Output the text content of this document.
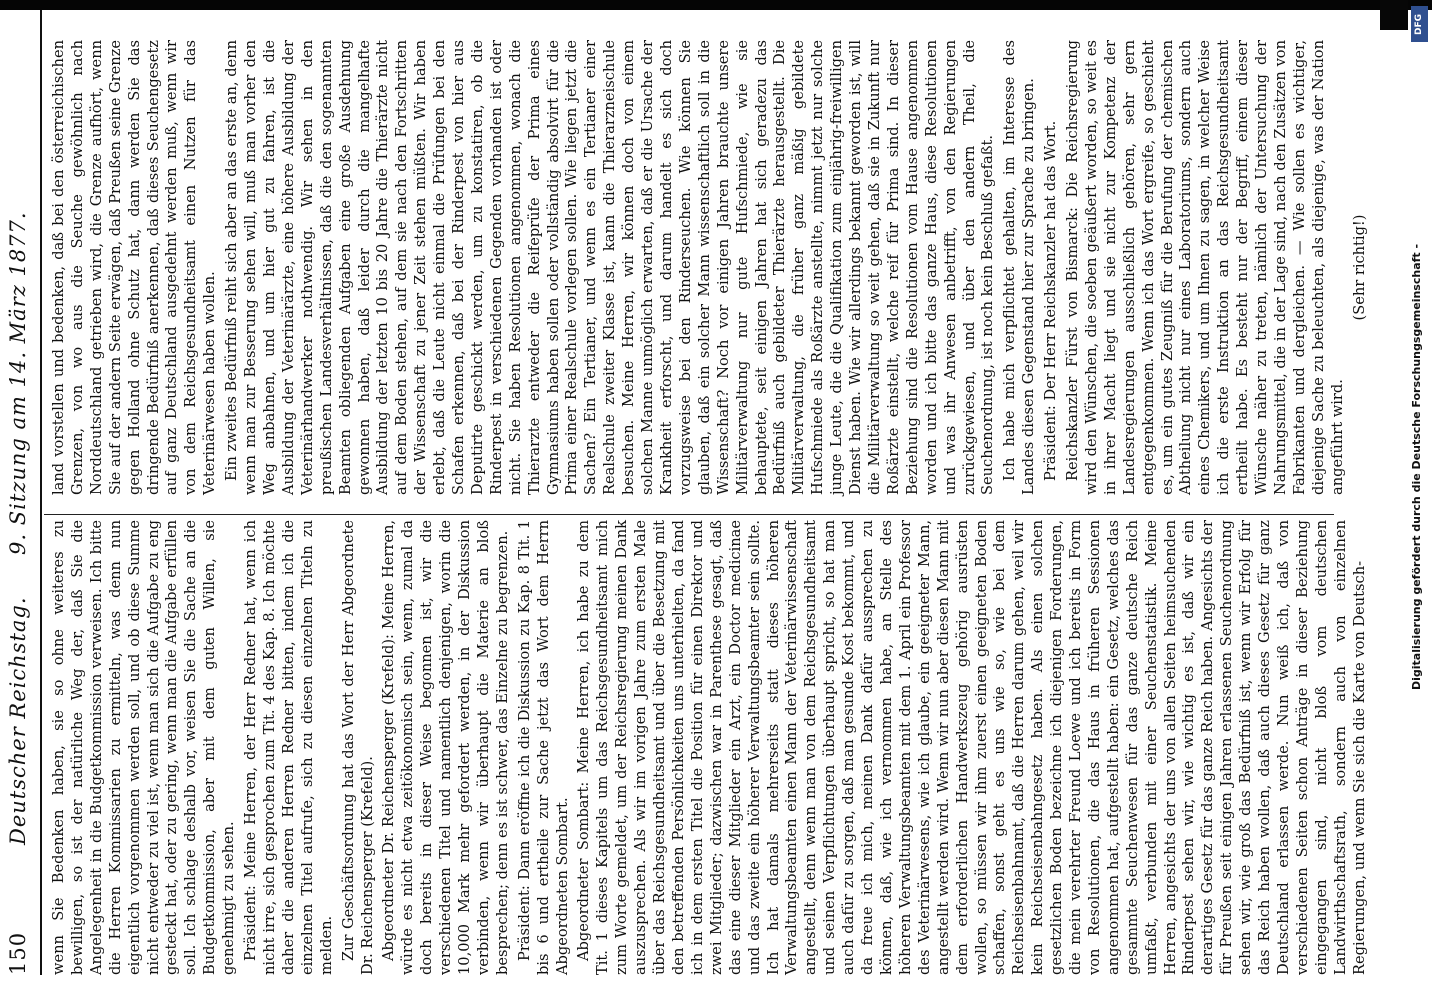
150
Deutscher Reichstag.
9. Sitzung am 14. März 1877.

wenn Sie Bedenken haben, sie so ohne weiteres zu bewilligen, so ist der natürliche Weg der, daß Sie die Angelegenheit in die Budgetkommission verweisen. Ich bitte die Herren Kommissarien zu ermitteln, was denn nun eigentlich vorgenommen werden soll, und ob diese Summe nicht entweder zu viel ist, wenn man sich die Aufgabe zu eng gesteckt hat, oder zu gering, wenn man die Aufgabe erfüllen soll. Ich schlage deshalb vor, weisen Sie die Sache an die Budgetkommission, aber mit dem guten Willen, sie genehmigt zu sehen. Präsident: Meine Herren, der Herr Redner hat, wenn ich nicht irre, sich gesprochen zum Tit. 4 des Kap. 8. Ich möchte daher die anderen Herren Redner bitten, indem ich die einzelnen Titel aufrufe, sich zu diesen einzelnen Titeln zu melden. Zur Geschäftsordnung hat das Wort der Herr Abgeordnete Dr. Reichensperger (Krefeld). Abgeordneter Dr. Reichensperger (Krefeld): Meine Herren, würde es nicht etwa zeitökonomisch sein, wenn, zumal da doch bereits in dieser Weise begonnen ist, wir die verschiedenen Titel und namentlich denjenigen, worin die 10,000 Mark mehr gefordert werden, in der Diskussion verbinden, wenn wir überhaupt die Materie an bloß besprechen; denn es ist schwer, das Einzelne zu begrenzen. Präsident: Dann eröffne ich die Diskussion zu Kap. 8 Tit. 1 bis 6 und ertheile zur Sache jetzt das Wort dem Herrn Abgeordneten Sombart. Abgeordneter Sombart: Meine Herren, ich habe zu dem Tit. 1 dieses Kapitels um das Reichsgesundheitsamt mich zum Worte gemeldet, um der Reichsregierung meinen Dank auszusprechen. Als wir im vorigen Jahre zum ersten Male über das Reichsgesundheitsamt und über die Besetzung mit den betreffenden Persönlichkeiten uns unterhielten, da fand ich in dem ersten Titel die Position für einen Direktor und zwei Mitglieder; dazwischen war in Parenthese gesagt, daß das eine dieser Mitglieder ein Arzt, ein Doctor medicinae und das zweite ein höherer Verwaltungsbeamter sein sollte. Ich hat damals mehrerseits statt dieses höheren Verwaltungsbeamten einen Mann der Veterinärwissenschaft angestellt, denn wenn man von dem Reichsgesundheitsamt und seinen Verpflichtungen überhaupt spricht, so hat man auch dafür zu sorgen, daß man gesunde Kost bekommt, und da freue ich mich, meinen Dank dafür aussprechen zu können, daß, wie ich vernommen habe, an Stelle des höheren Verwaltungsbeamten mit dem 1. April ein Professor des Veterinärwesens, wie ich glaube, ein geeigneter Mann, angestellt werden wird. Wenn wir nun aber diesen Mann mit dem erforderlichen Handwerkszeug gehörig ausrüsten wollen, so müssen wir ihm zuerst einen geeigneten Boden schaffen, sonst geht es uns wie so, wie bei dem Reichseisenbahnamt, daß die Herren darum gehen, weil wir kein Reichseisenbahngesetz haben. Als einen solchen gesetzlichen Boden bezeichne ich diejenigen Forderungen, die mein verehrter Freund Loewe und ich bereits in Form von Resolutionen, die das Haus in früheren Sessionen angenommen hat, aufgestellt haben: ein Gesetz, welches das gesammte Seuchenwesen für das ganze deutsche Reich umfaßt, verbunden mit einer Seuchenstatistik. Meine Herren, angesichts der uns von allen Seiten heimsuchenden Rinderpest sehen wir, wie wichtig es ist, daß wir ein derartiges Gesetz für das ganze Reich haben. Angesichts der für Preußen seit einigen Jahren erlassenen Seuchenordnung sehen wir, wie groß das Bedürfniß ist, wenn wir Erfolg für das Reich haben wollen, daß auch dieses Gesetz für ganz Deutschland erlassen werde. Nun weiß ich, daß von verschiedenen Seiten schon Anträge in dieser Beziehung eingegangen sind, nicht bloß vom deutschen Landwirthschaftsrath, sondern auch von einzelnen Regierungen, und wenn Sie sich die Karte von Deutsch-

land vorstellen und bedenken, daß bei den österreichischen Grenzen, von wo aus die Seuche gewöhnlich nach Norddeutschland getrieben wird, die Grenze aufhört, wenn Sie auf der andern Seite erwägen, daß Preußen seine Grenze gegen Holland ohne Schutz hat, dann werden Sie das dringende Bedürfniß anerkennen, daß dieses Seuchengesetz auf ganz Deutschland ausgedehnt werden muß, wenn wir von dem Reichsgesundheitsamt einen Nutzen für das Veterinärwesen haben wollen. Ein zweites Bedürfniß reiht sich aber an das erste an, denn wenn man zur Besserung sehen will, muß man vorher den Weg anbahnen, und um hier gut zu fahren, ist die Ausbildung der Veterinärärzte, eine höhere Ausbildung der Veterinärhandwerker nothwendig. Wir sehen in den preußischen Landesverhältnissen, daß die den sogenannten Beamten obliegenden Aufgaben eine große Ausdehnung gewonnen haben, daß leider durch die mangelhafte Ausbildung der letzten 10 bis 20 Jahre die Thierärzte nicht auf dem Boden stehen, auf dem sie nach den Fortschritten der Wissenschaft zu jener Zeit stehen müßten. Wir haben erlebt, daß die Leute nicht einmal die Prüfungen bei den Schafen erkennen, daß bei der Rinderpest von hier aus Deputirte geschickt werden, um zu konstatiren, ob die Rinderpest in verschiedenen Gegenden vorhanden ist oder nicht. Sie haben Resolutionen angenommen, wonach die Thierarzte entweder die Reifeprüfe der Prima eines Gymnasiums haben sollen oder vollständig absolvirt für die Prima einer Realschule vorlegen sollen. Wie liegen jetzt die Sachen? Ein Tertianer, und wenn es ein Tertianer einer Realschule zweiter Klasse ist, kann die Thierarzneischule besuchen. Meine Herren, wir können doch von einem solchen Manne unmöglich erwarten, daß er die Ursache der Krankheit erforscht, und darum handelt es sich doch vorzugsweise bei den Rinderseuchen. Wie können Sie glauben, daß ein solcher Mann wissenschaftlich soll in die Wissenschaft? Noch vor einigen Jahren brauchte unsere Militärverwaltung nur gute Hufschmiede, wie sie behauptete, seit einigen Jahren hat sich geradezu das Bedürfniß auch gebildeter Thierärzte herausgestellt. Die Militärverwaltung, die früher ganz mäßig gebildete Hufschmiede als Roßärzte anstellte, nimmt jetzt nur solche junge Leute, die die Qualifikation zum einjährig-freiwilligen Dienst haben. Wie wir allerdings bekannt geworden ist, will die Militärverwaltung so weit gehen, daß sie in Zukunft nur Roßärzte einstellt, welche reif für Prima sind. In dieser Beziehung sind die Resolutionen vom Hause angenommen worden und ich bitte das ganze Haus, diese Resolutionen und was ihr Anwesen anbetrifft, von den Regierungen zurückgewiesen, und über den andern Theil, die Seuchenordnung, ist noch kein Beschluß gefaßt. Ich habe mich verpflichtet gehalten, im Interesse des Landes diesen Gegenstand hier zur Sprache zu bringen. Präsident: Der Herr Reichskanzler hat das Wort. Reichskanzler Fürst von Bismarck: Die Reichsregierung wird den Wünschen, die soeben geäußert worden, so weit es in ihrer Macht liegt und sie nicht zur Kompetenz der Landesregierungen ausschließlich gehören, sehr gern entgegenkommen. Wenn ich das Wort ergreife, so geschieht es, um ein gutes Zeugniß für die Berufung der chemischen Abtheilung nicht nur eines Laboratoriums, sondern auch eines Chemikers, und um Ihnen zu sagen, in welcher Weise ich die erste Instruktion an das Reichsgesundheitsamt ertheilt habe. Es besteht nur der Begriff, einem dieser Wünsche näher zu treten, nämlich der Untersuchung der Nahrungsmittel, die in der Lage sind, nach den Zusätzen von Fabrikanten und dergleichen. — Wie sollen es wichtiger, diejenige Sache zu beleuchten, als diejenige, was der Nation angeführt wird.

(Sehr richtig!)

DFG
Digitalisierung gefördert durch die Deutsche Forschungsgemeinschaft -
